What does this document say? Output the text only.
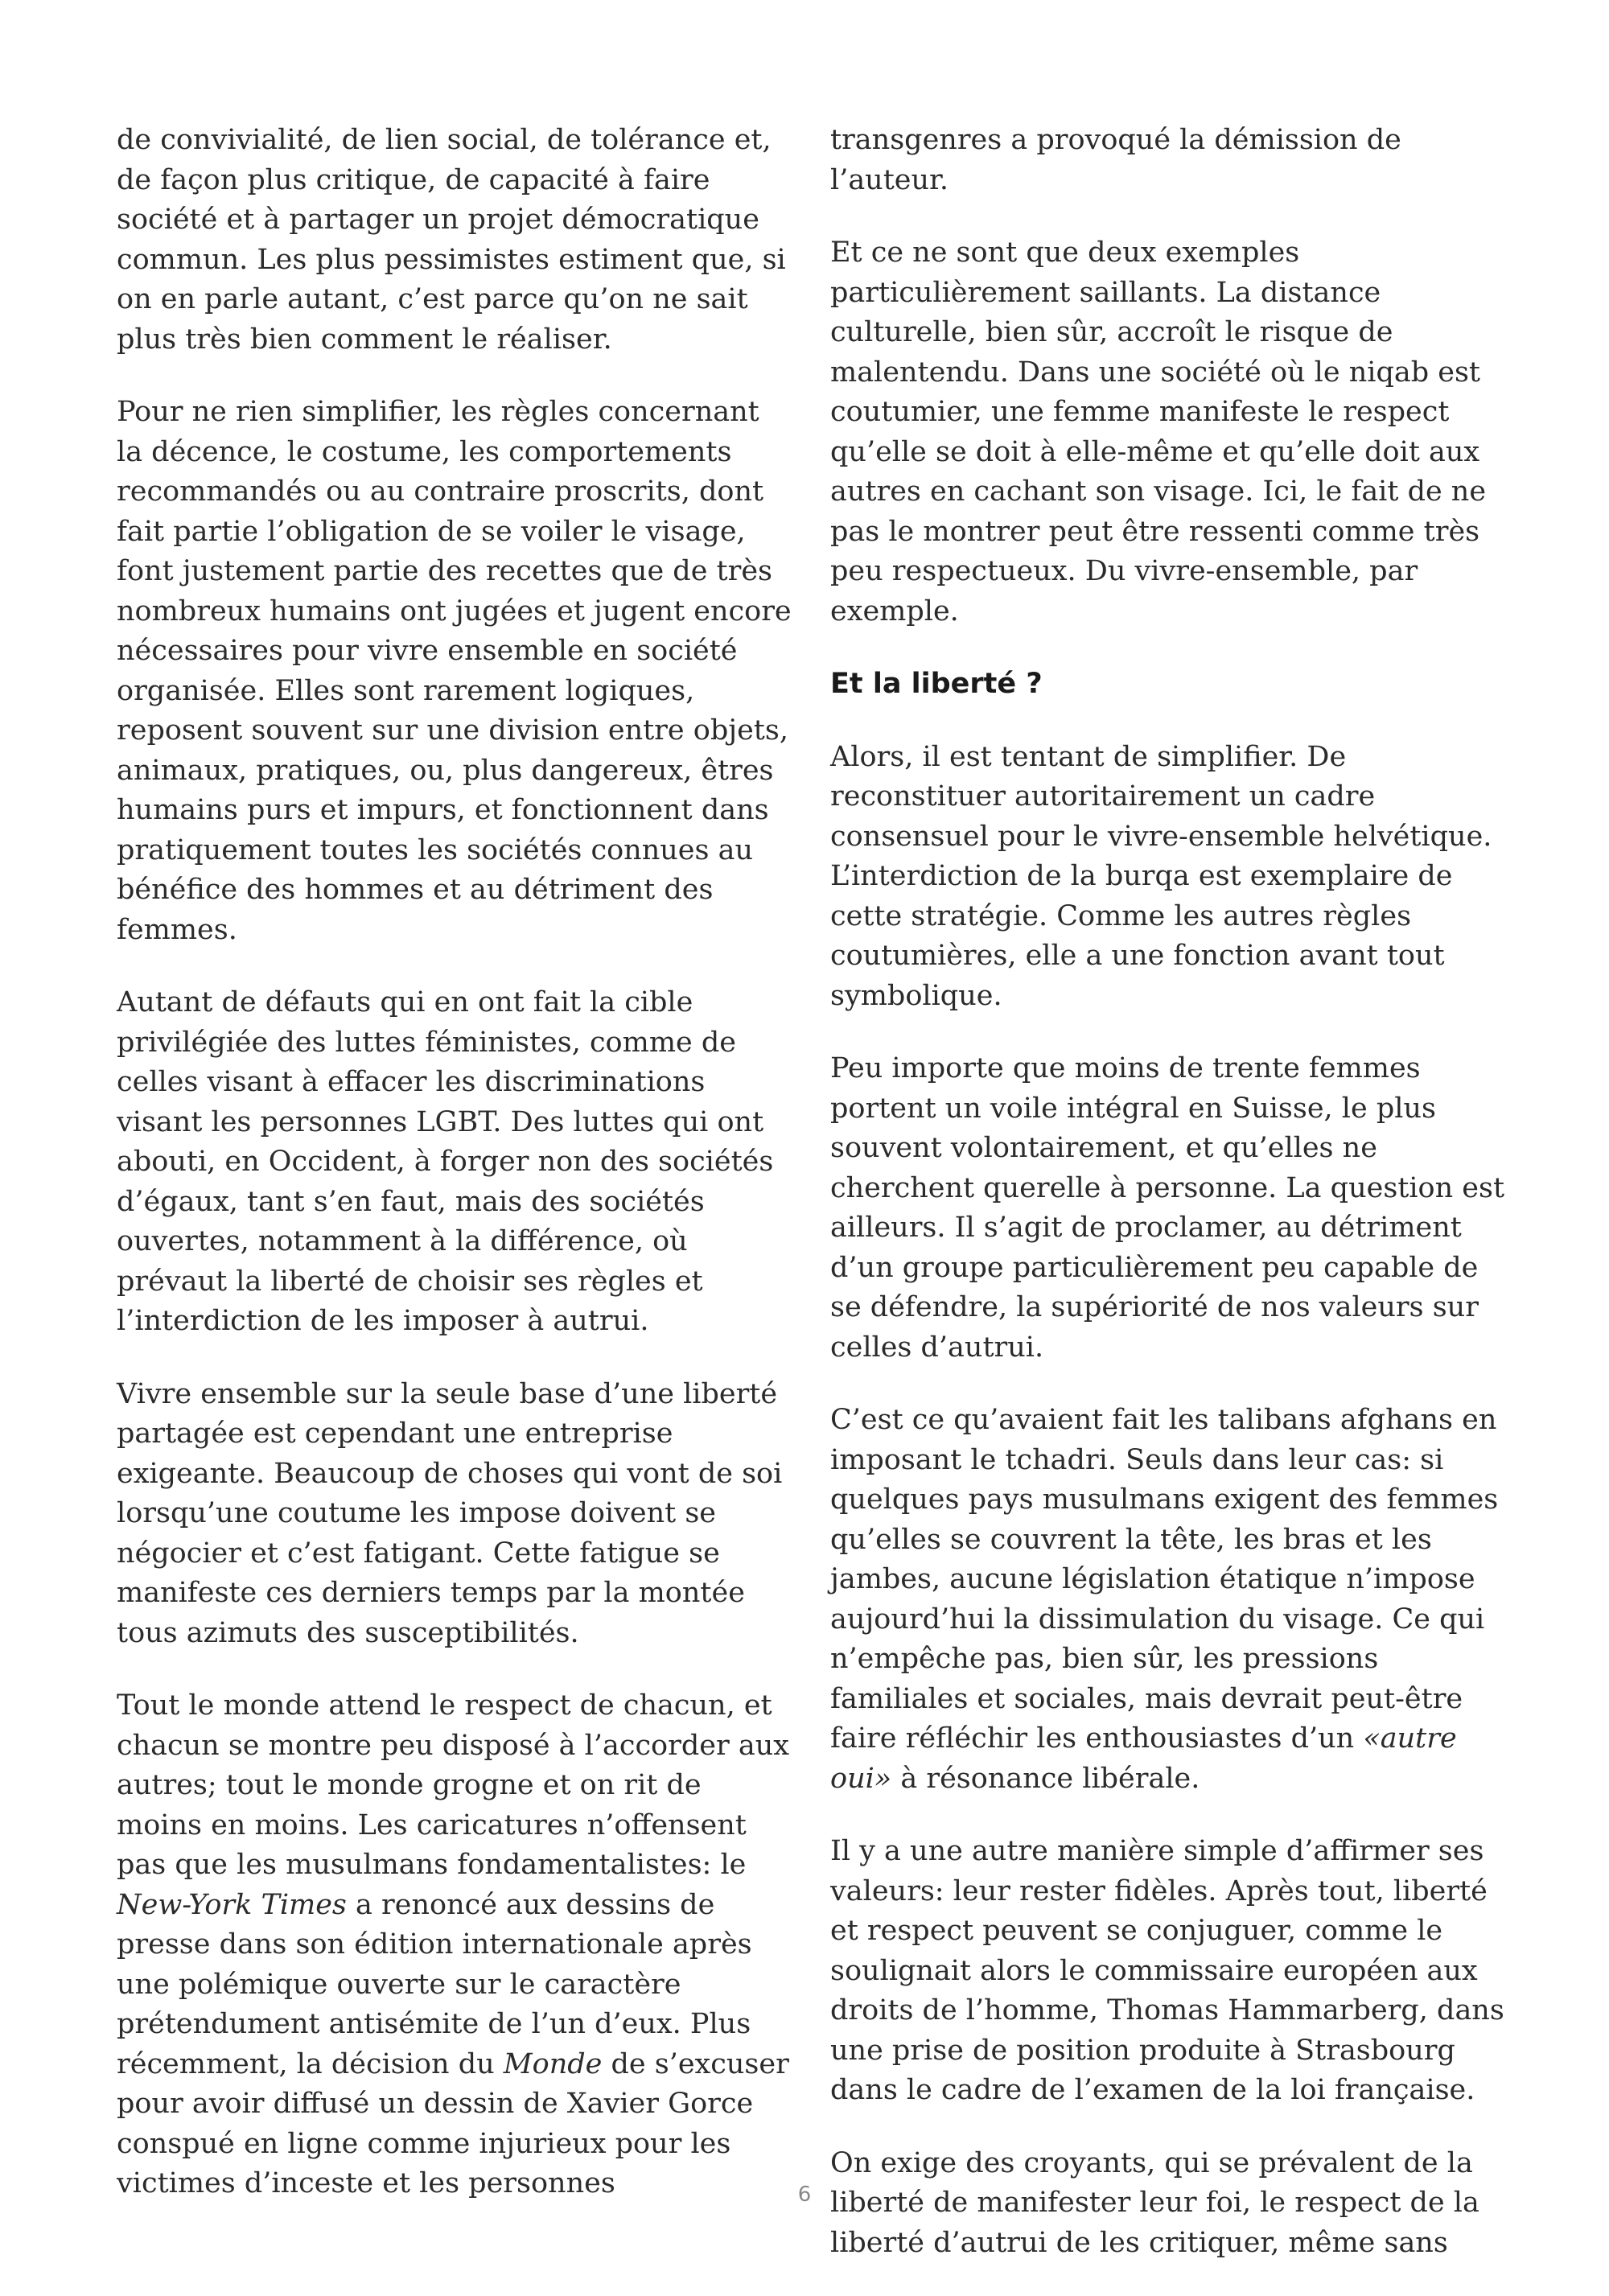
de convivialité, de lien social, de tolérance et, de façon plus critique, de capacité à faire société et à partager un projet démocratique commun. Les plus pessimistes estiment que, si on en parle autant, c’est parce qu’on ne sait plus très bien comment le réaliser.

Pour ne rien simplifier, les règles concernant la décence, le costume, les comportements recommandés ou au contraire proscrits, dont fait partie l’obligation de se voiler le visage, font justement partie des recettes que de très nombreux humains ont jugées et jugent encore nécessaires pour vivre ensemble en société organisée. Elles sont rarement logiques, reposent souvent sur une division entre objets, animaux, pratiques, ou, plus dangereux, êtres humains purs et impurs, et fonctionnent dans pratiquement toutes les sociétés connues au bénéfice des hommes et au détriment des femmes.

Autant de défauts qui en ont fait la cible privilégiée des luttes féministes, comme de celles visant à effacer les discriminations visant les personnes LGBT. Des luttes qui ont abouti, en Occident, à forger non des sociétés d’égaux, tant s’en faut, mais des sociétés ouvertes, notamment à la différence, où prévaut la liberté de choisir ses règles et l’interdiction de les imposer à autrui.

Vivre ensemble sur la seule base d’une liberté partagée est cependant une entreprise exigeante. Beaucoup de choses qui vont de soi lorsqu’une coutume les impose doivent se négocier et c’est fatigant. Cette fatigue se manifeste ces derniers temps par la montée tous azimuts des susceptibilités.

Tout le monde attend le respect de chacun, et chacun se montre peu disposé à l’accorder aux autres; tout le monde grogne et on rit de moins en moins. Les caricatures n’offensent pas que les musulmans fondamentalistes: le New-York Times a renoncé aux dessins de presse dans son édition internationale après une polémique ouverte sur le caractère prétendument antisémite de l’un d’eux. Plus récemment, la décision du Monde de s’excuser pour avoir diffusé un dessin de Xavier Gorce conspué en ligne comme injurieux pour les victimes d’inceste et les personnes

transgenres a provoqué la démission de l’auteur.

Et ce ne sont que deux exemples particulièrement saillants. La distance culturelle, bien sûr, accroît le risque de malentendu. Dans une société où le niqab est coutumier, une femme manifeste le respect qu’elle se doit à elle-même et qu’elle doit aux autres en cachant son visage. Ici, le fait de ne pas le montrer peut être ressenti comme très peu respectueux. Du vivre-ensemble, par exemple.

Et la liberté ?

Alors, il est tentant de simplifier. De reconstituer autoritairement un cadre consensuel pour le vivre-ensemble helvétique. L’interdiction de la burqa est exemplaire de cette stratégie. Comme les autres règles coutumières, elle a une fonction avant tout symbolique.

Peu importe que moins de trente femmes portent un voile intégral en Suisse, le plus souvent volontairement, et qu’elles ne cherchent querelle à personne. La question est ailleurs. Il s’agit de proclamer, au détriment d’un groupe particulièrement peu capable de se défendre, la supériorité de nos valeurs sur celles d’autrui.

C’est ce qu’avaient fait les talibans afghans en imposant le tchadri. Seuls dans leur cas: si quelques pays musulmans exigent des femmes qu’elles se couvrent la tête, les bras et les jambes, aucune législation étatique n’impose aujourd’hui la dissimulation du visage. Ce qui n’empêche pas, bien sûr, les pressions familiales et sociales, mais devrait peut-être faire réfléchir les enthousiastes d’un «autre oui» à résonance libérale.

Il y a une autre manière simple d’affirmer ses valeurs: leur rester fidèles. Après tout, liberté et respect peuvent se conjuguer, comme le soulignait alors le commissaire européen aux droits de l’homme, Thomas Hammarberg, dans une prise de position produite à Strasbourg dans le cadre de l’examen de la loi française.

On exige des croyants, qui se prévalent de la liberté de manifester leur foi, le respect de la liberté d’autrui de les critiquer, même sans

6
